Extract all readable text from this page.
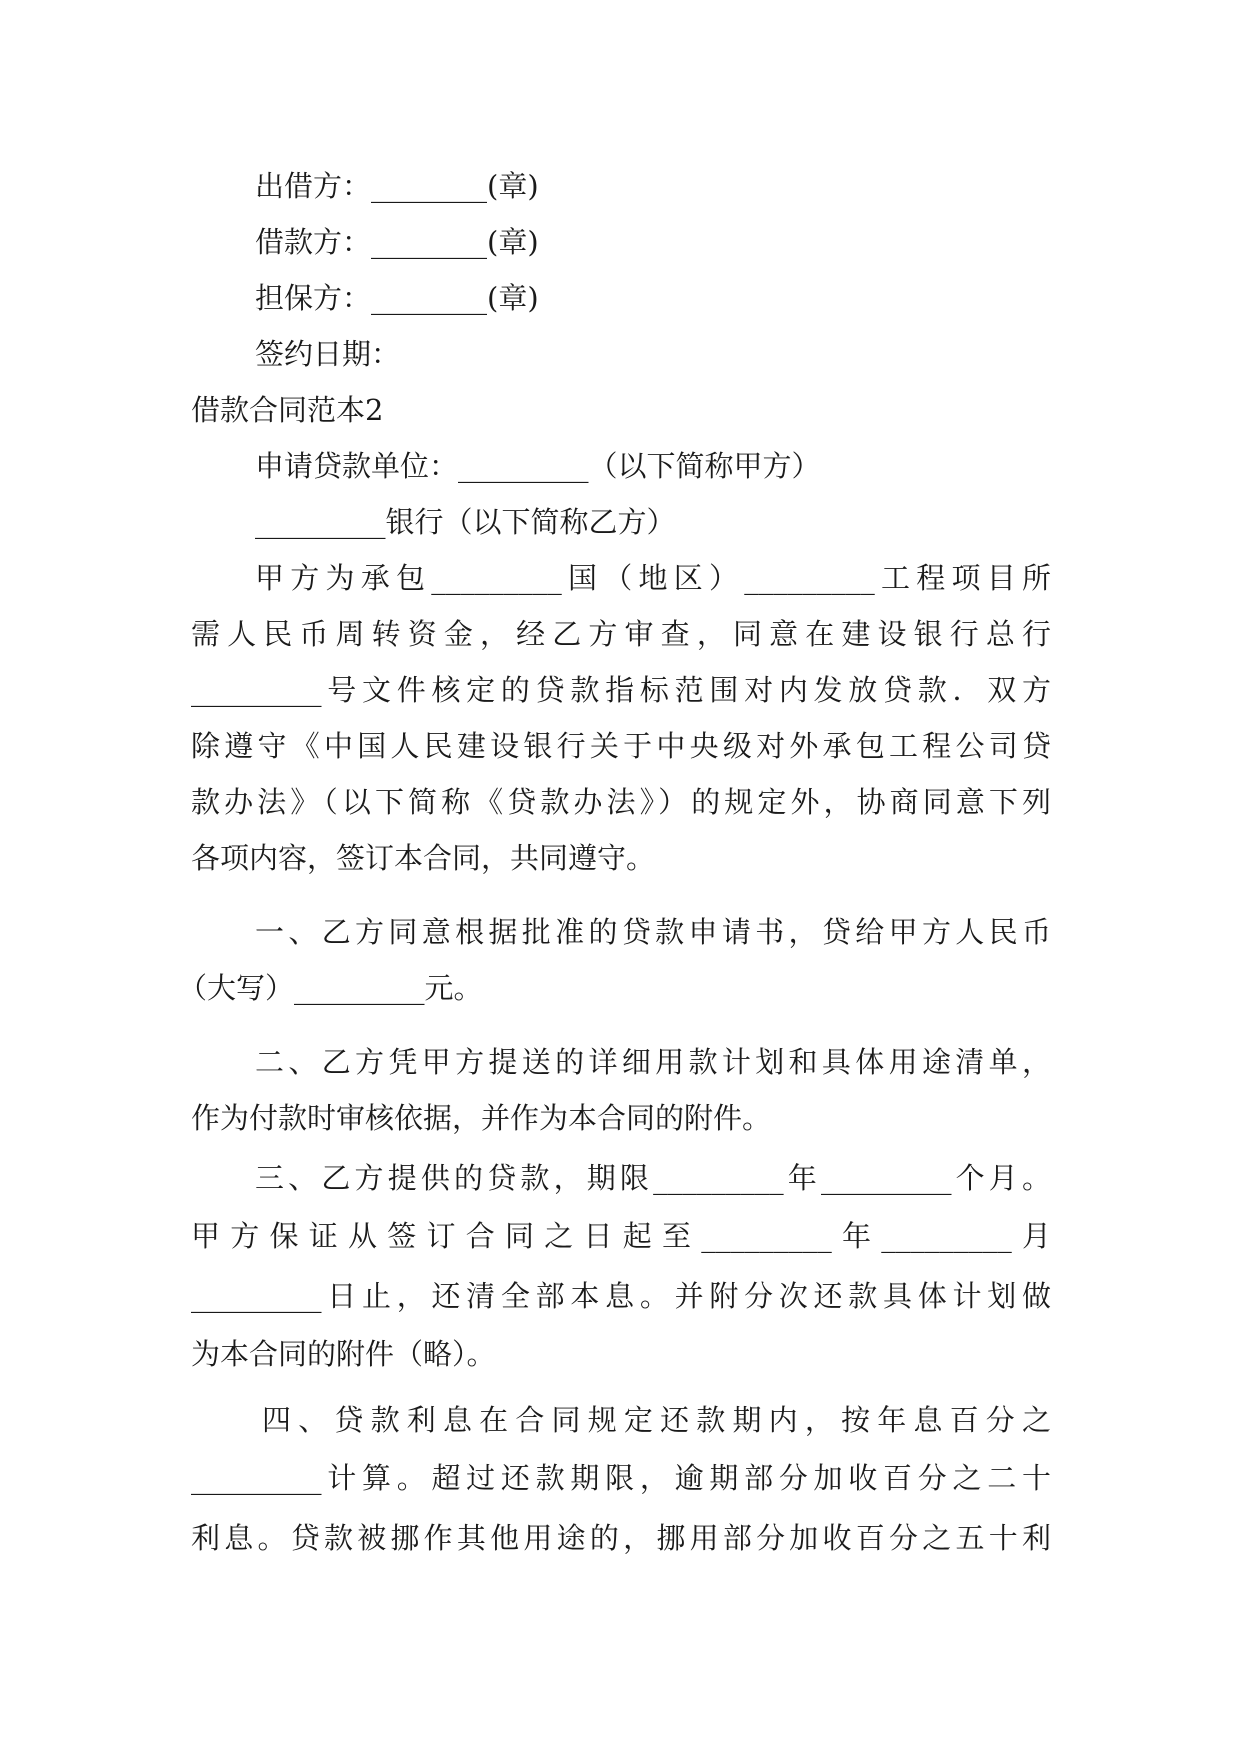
出借方：________(章)
借款方：________(章)
担保方：________(章)
签约日期：
借款合同范本2
申请贷款单位：_________（以下简称甲方）
_________银行（以下简称乙方）
甲方为承包_________国（地区）_________工程项目所
需人民币周转资金，经乙方审查，同意在建设银行总行
_________号文件核定的贷款指标范围对内发放贷款．双方
除遵守《中国人民建设银行关于中央级对外承包工程公司贷
款办法》（以下简称《贷款办法》）的规定外，协商同意下列
各项内容，签订本合同，共同遵守。
一、乙方同意根据批准的贷款申请书，贷给甲方人民币
（大写）_________元。
二、乙方凭甲方提送的详细用款计划和具体用途清单，
作为付款时审核依据，并作为本合同的附件。
三、乙方提供的贷款，期限_________年_________个月。
甲方保证从签订合同之日起至_________年_________月
_________日止，还清全部本息。并附分次还款具体计划做
为本合同的附件（略）。
四、贷款利息在合同规定还款期内，按年息百分之
_________计算。超过还款期限，逾期部分加收百分之二十
利息。贷款被挪作其他用途的，挪用部分加收百分之五十利
